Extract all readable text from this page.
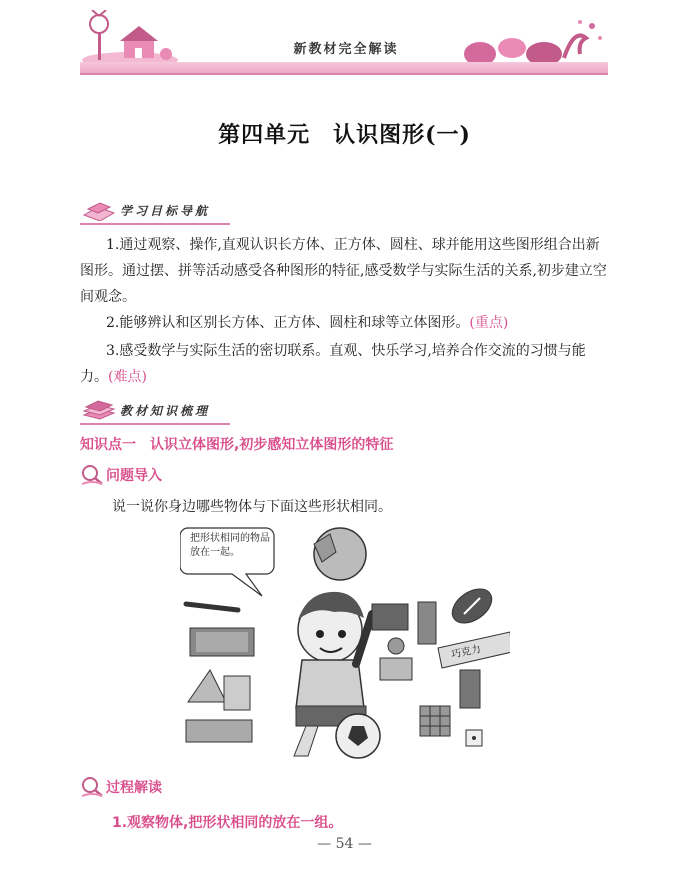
新教材完全解读
第四单元　认识图形(一)
学习目标导航
1.通过观察、操作,直观认识长方体、正方体、圆柱、球并能用这些图形组合出新图形。通过摆、拼等活动感受各种图形的特征,感受数学与实际生活的关系,初步建立空间观念。
2.能够辨认和区别长方体、正方体、圆柱和球等立体图形。(重点)
3.感受数学与实际生活的密切联系。直观、快乐学习,培养合作交流的习惯与能力。(难点)
教材知识梳理
知识点一　认识立体图形,初步感知立体图形的特征
问题导入
说一说你身边哪些物体与下面这些形状相同。
把形状相同的物品放在一起。
巧克力
过程解读
1.观察物体,把形状相同的放在一组。
— 54 —
